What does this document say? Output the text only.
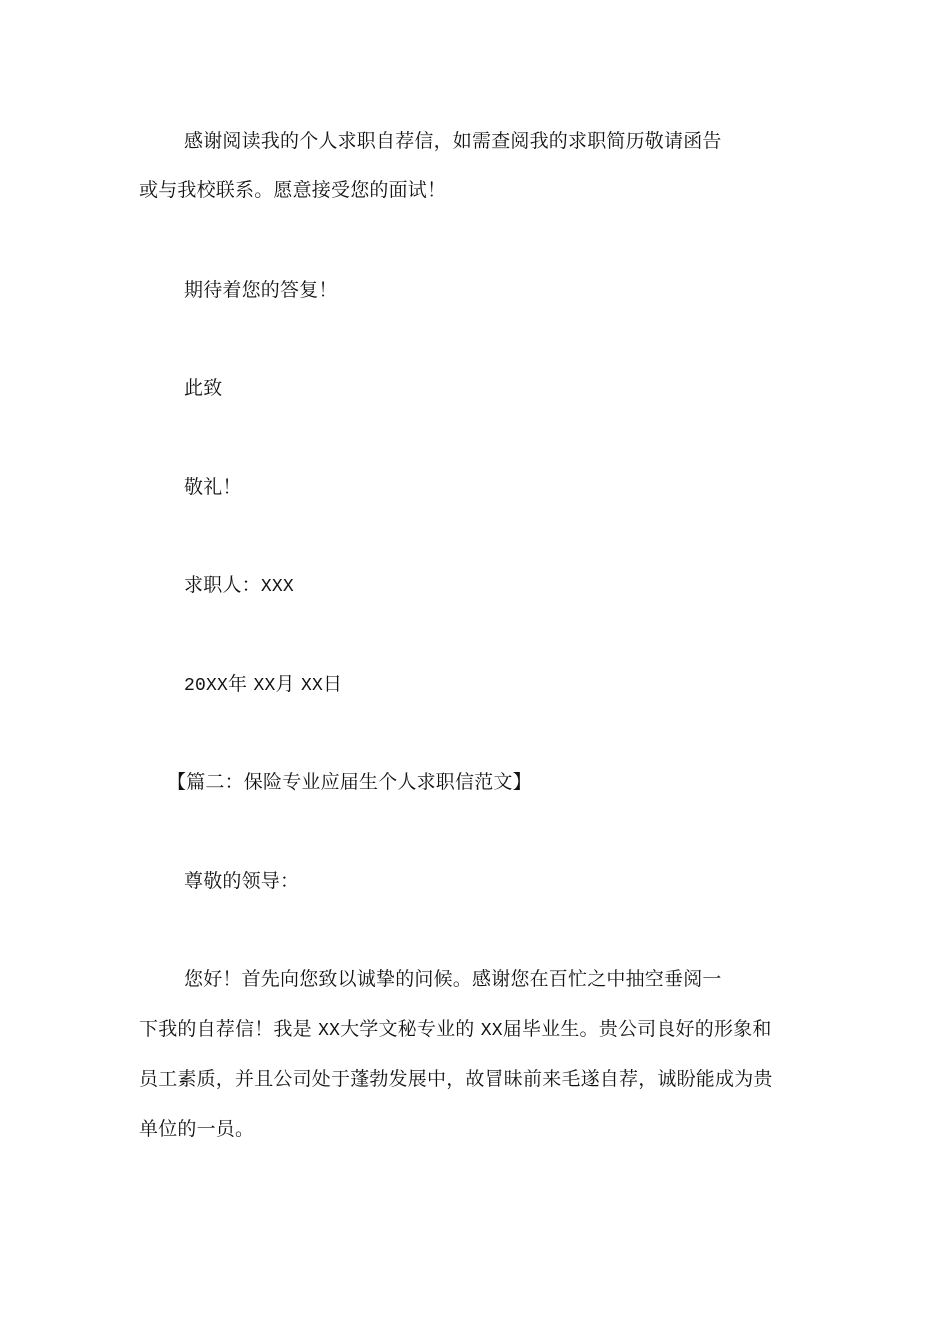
感谢阅读我的个人求职自荐信，如需查阅我的求职简历敬请函告
或与我校联系。愿意接受您的面试！
期待着您的答复！
此致
敬礼！
求职人：XXX
20XX年 XX月 XX日
【篇二：保险专业应届生个人求职信范文】
尊敬的领导：
您好！首先向您致以诚挚的问候。感谢您在百忙之中抽空垂阅一
下我的自荐信！我是 XX大学文秘专业的 XX届毕业生。贵公司良好的形象和
员工素质，并且公司处于蓬勃发展中，故冒昧前来毛遂自荐，诚盼能成为贵
单位的一员。
